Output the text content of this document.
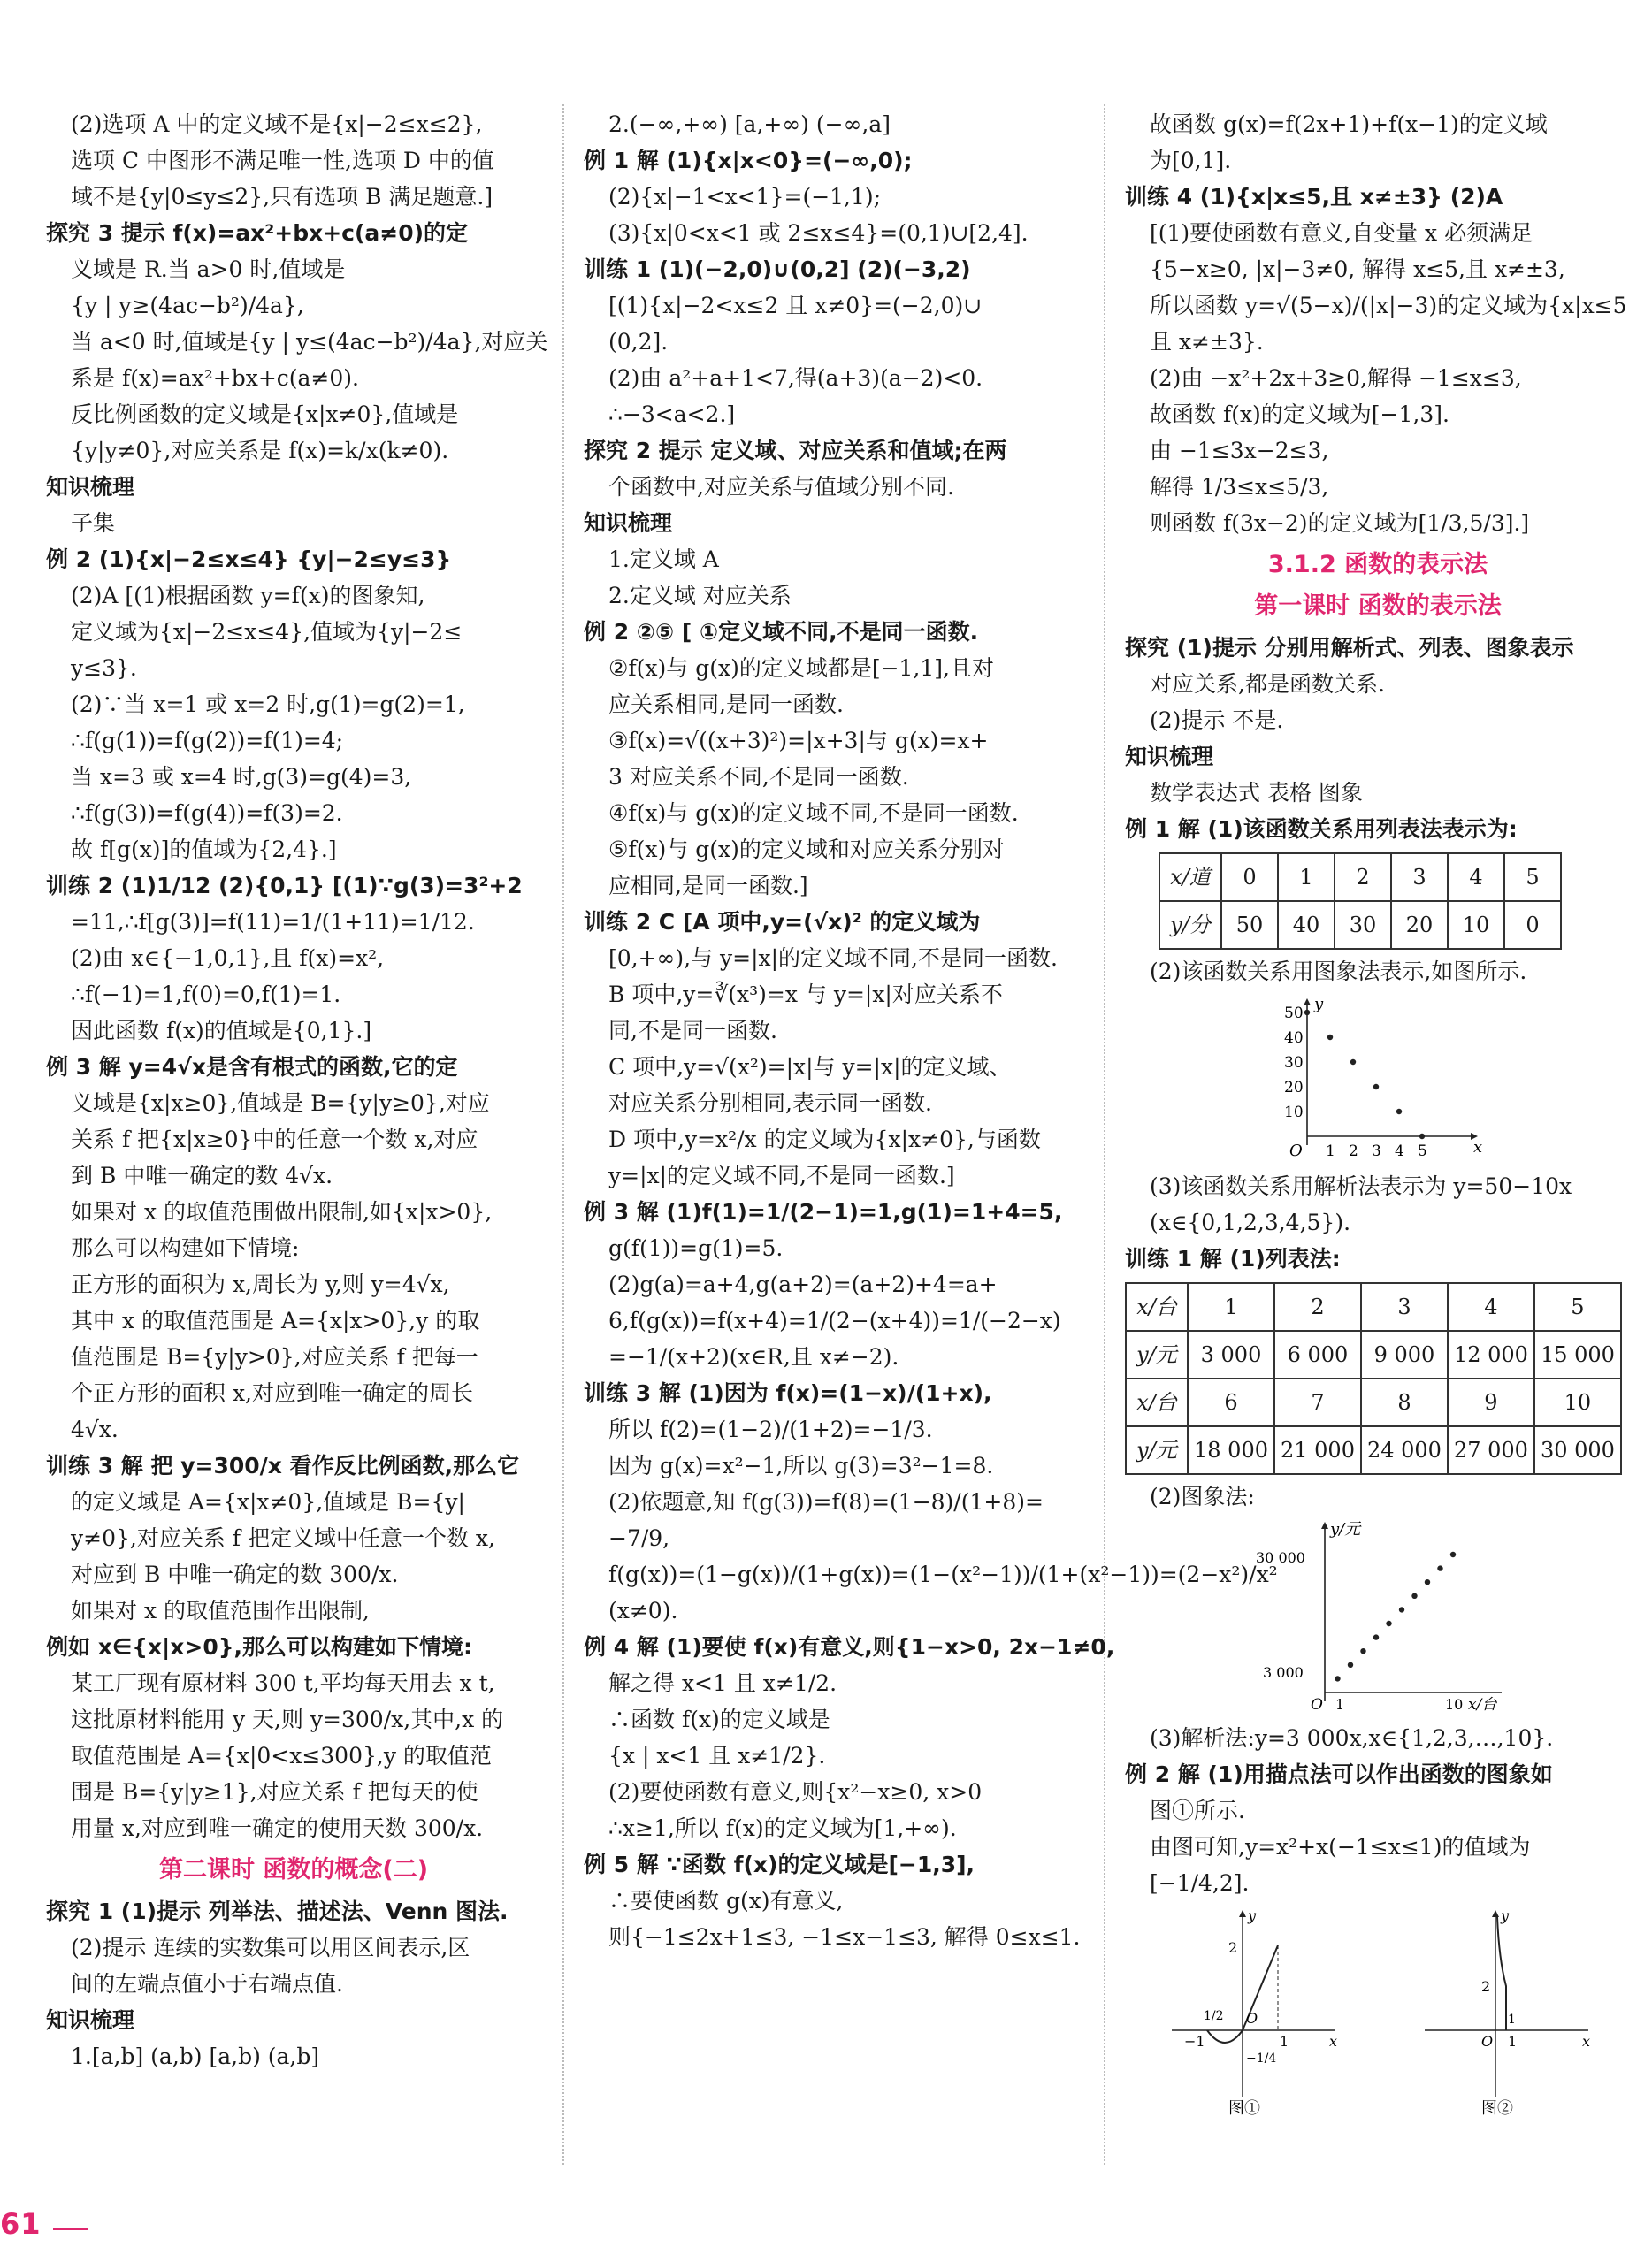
(2)选项 A 中的定义域不是{x|−2≤x≤2},
选项 C 中图形不满足唯一性,选项 D 中的值
域不是{y|0≤y≤2},只有选项 B 满足题意.]
探究 3 提示 f(x)=ax²+bx+c(a≠0)的定
义域是 R.当 a>0 时,值域是
{y | y≥(4ac−b²)/4a},
当 a<0 时,值域是{y | y≤(4ac−b²)/4a},对应关
系是 f(x)=ax²+bx+c(a≠0).
反比例函数的定义域是{x|x≠0},值域是
{y|y≠0},对应关系是 f(x)=k/x(k≠0).
知识梳理
子集
例 2 (1){x|−2≤x≤4} {y|−2≤y≤3}
(2)A [(1)根据函数 y=f(x)的图象知,
定义域为{x|−2≤x≤4},值域为{y|−2≤
y≤3}.
(2)∵当 x=1 或 x=2 时,g(1)=g(2)=1,
∴f(g(1))=f(g(2))=f(1)=4;
当 x=3 或 x=4 时,g(3)=g(4)=3,
∴f(g(3))=f(g(4))=f(3)=2.
故 f[g(x)]的值域为{2,4}.]
训练 2 (1)1/12 (2){0,1} [(1)∵g(3)=3²+2
=11,∴f[g(3)]=f(11)=1/(1+11)=1/12.
(2)由 x∈{−1,0,1},且 f(x)=x²,
∴f(−1)=1,f(0)=0,f(1)=1.
因此函数 f(x)的值域是{0,1}.]
例 3 解 y=4√x是含有根式的函数,它的定
义域是{x|x≥0},值域是 B={y|y≥0},对应
关系 f 把{x|x≥0}中的任意一个数 x,对应
到 B 中唯一确定的数 4√x.
如果对 x 的取值范围做出限制,如{x|x>0},
那么可以构建如下情境:
正方形的面积为 x,周长为 y,则 y=4√x,
其中 x 的取值范围是 A={x|x>0},y 的取
值范围是 B={y|y>0},对应关系 f 把每一
个正方形的面积 x,对应到唯一确定的周长
4√x.
训练 3 解 把 y=300/x 看作反比例函数,那么它
的定义域是 A={x|x≠0},值域是 B={y|
y≠0},对应关系 f 把定义域中任意一个数 x,
对应到 B 中唯一确定的数 300/x.
如果对 x 的取值范围作出限制,
例如 x∈{x|x>0},那么可以构建如下情境:
某工厂现有原材料 300 t,平均每天用去 x t,
这批原材料能用 y 天,则 y=300/x,其中,x 的
取值范围是 A={x|0<x≤300},y 的取值范
围是 B={y|y≥1},对应关系 f 把每天的使
用量 x,对应到唯一确定的使用天数 300/x.
第二课时 函数的概念(二)
探究 1 (1)提示 列举法、描述法、Venn 图法.
(2)提示 连续的实数集可以用区间表示,区
间的左端点值小于右端点值.
知识梳理
1.[a,b] (a,b) [a,b) (a,b]
2.(−∞,+∞) [a,+∞) (−∞,a]
例 1 解 (1){x|x<0}=(−∞,0);
(2){x|−1<x<1}=(−1,1);
(3){x|0<x<1 或 2≤x≤4}=(0,1)∪[2,4].
训练 1 (1)(−2,0)∪(0,2] (2)(−3,2)
[(1){x|−2<x≤2 且 x≠0}=(−2,0)∪
(0,2].
(2)由 a²+a+1<7,得(a+3)(a−2)<0.
∴−3<a<2.]
探究 2 提示 定义域、对应关系和值域;在两
个函数中,对应关系与值域分别不同.
知识梳理
1.定义域 A
2.定义域 对应关系
例 2 ②⑤ [ ①定义域不同,不是同一函数.
②f(x)与 g(x)的定义域都是[−1,1],且对
应关系相同,是同一函数.
③f(x)=√((x+3)²)=|x+3|与 g(x)=x+
3 对应关系不同,不是同一函数.
④f(x)与 g(x)的定义域不同,不是同一函数.
⑤f(x)与 g(x)的定义域和对应关系分别对
应相同,是同一函数.]
训练 2 C [A 项中,y=(√x)² 的定义域为
[0,+∞),与 y=|x|的定义域不同,不是同一函数.
B 项中,y=∛(x³)=x 与 y=|x|对应关系不
同,不是同一函数.
C 项中,y=√(x²)=|x|与 y=|x|的定义域、
对应关系分别相同,表示同一函数.
D 项中,y=x²/x 的定义域为{x|x≠0},与函数
y=|x|的定义域不同,不是同一函数.]
例 3 解 (1)f(1)=1/(2−1)=1,g(1)=1+4=5,
g(f(1))=g(1)=5.
(2)g(a)=a+4,g(a+2)=(a+2)+4=a+
6,f(g(x))=f(x+4)=1/(2−(x+4))=1/(−2−x)
=−1/(x+2)(x∈R,且 x≠−2).
训练 3 解 (1)因为 f(x)=(1−x)/(1+x),
所以 f(2)=(1−2)/(1+2)=−1/3.
因为 g(x)=x²−1,所以 g(3)=3²−1=8.
(2)依题意,知 f(g(3))=f(8)=(1−8)/(1+8)=
−7/9,
f(g(x))=(1−g(x))/(1+g(x))=(1−(x²−1))/(1+(x²−1))=(2−x²)/x²
(x≠0).
例 4 解 (1)要使 f(x)有意义,则{1−x>0, 2x−1≠0,
解之得 x<1 且 x≠1/2.
∴函数 f(x)的定义域是
{x | x<1 且 x≠1/2}.
(2)要使函数有意义,则{x²−x≥0, x>0
∴x≥1,所以 f(x)的定义域为[1,+∞).
例 5 解 ∵函数 f(x)的定义域是[−1,3],
∴要使函数 g(x)有意义,
则{−1≤2x+1≤3, −1≤x−1≤3, 解得 0≤x≤1.
故函数 g(x)=f(2x+1)+f(x−1)的定义域
为[0,1].
训练 4 (1){x|x≤5,且 x≠±3} (2)A
[(1)要使函数有意义,自变量 x 必须满足
{5−x≥0, |x|−3≠0, 解得 x≤5,且 x≠±3,
所以函数 y=√(5−x)/(|x|−3)的定义域为{x|x≤5
且 x≠±3}.
(2)由 −x²+2x+3≥0,解得 −1≤x≤3,
故函数 f(x)的定义域为[−1,3].
由 −1≤3x−2≤3,
解得 1/3≤x≤5/3,
则函数 f(3x−2)的定义域为[1/3,5/3].]
3.1.2 函数的表示法
第一课时 函数的表示法
探究 (1)提示 分别用解析式、列表、图象表示
对应关系,都是函数关系.
(2)提示 不是.
知识梳理
数学表达式 表格 图象
例 1 解 (1)该函数关系用列表法表示为:
x/道	0	1	2	3	4	5
y/分	50	40	30	20	10	0
(2)该函数关系用图象法表示,如图所示.
y
x
O
50
40
30
20
10
1 2 3 4 5
(3)该函数关系用解析法表示为 y=50−10x
(x∈{0,1,2,3,4,5}).
训练 1 解 (1)列表法:
x/台	1	2	3	4	5
y/元	3 000	6 000	9 000	12 000	15 000
x/台	6	7	8	9	10
y/元	18 000	21 000	24 000	27 000	30 000
(2)图象法:
y/元
x/台
30 000
3 000
O 1	10
(3)解析法:y=3 000x,x∈{1,2,3,…,10}.
例 2 解 (1)用描点法可以作出函数的图象如
图①所示.
由图可知,y=x²+x(−1≤x≤1)的值域为
[−1/4,2].
y
x
2
1/2
−1
O
1
−1/4
图①
y
x
2
1
O
1
图②
61
